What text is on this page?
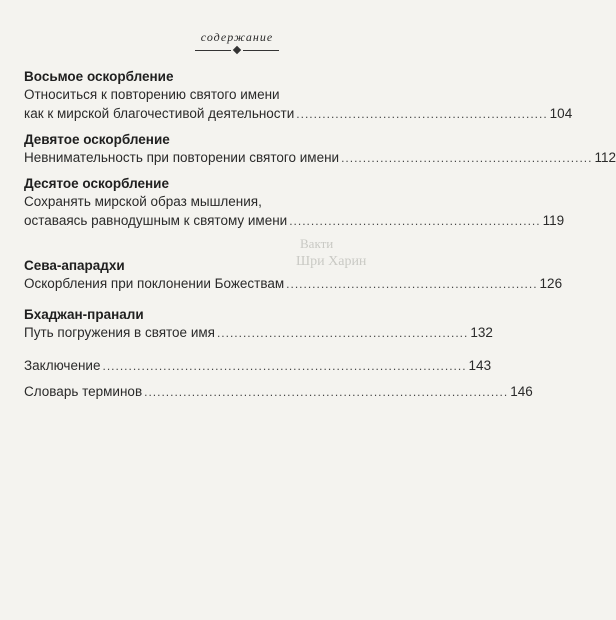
Вакти
Шри Харин
содержание
Восьмое оскорбление
Относиться к повторению святого имени
как к мирской благочестивой деятельности .......................................................... 104
Девятое оскорбление
Невнимательность при повторении святого имени .......................................................... 112
Десятое оскорбление
Сохранять мирской образ мышления,
оставаясь равнодушным к святому имени .......................................................... 119
Сева-апарадхи
Оскорбления при поклонении Божествам .......................................................... 126
Бхаджан-пранали
Путь погружения в святое имя .......................................................... 132
Заключение .................................................................................... 143
Словарь терминов .................................................................................... 146
